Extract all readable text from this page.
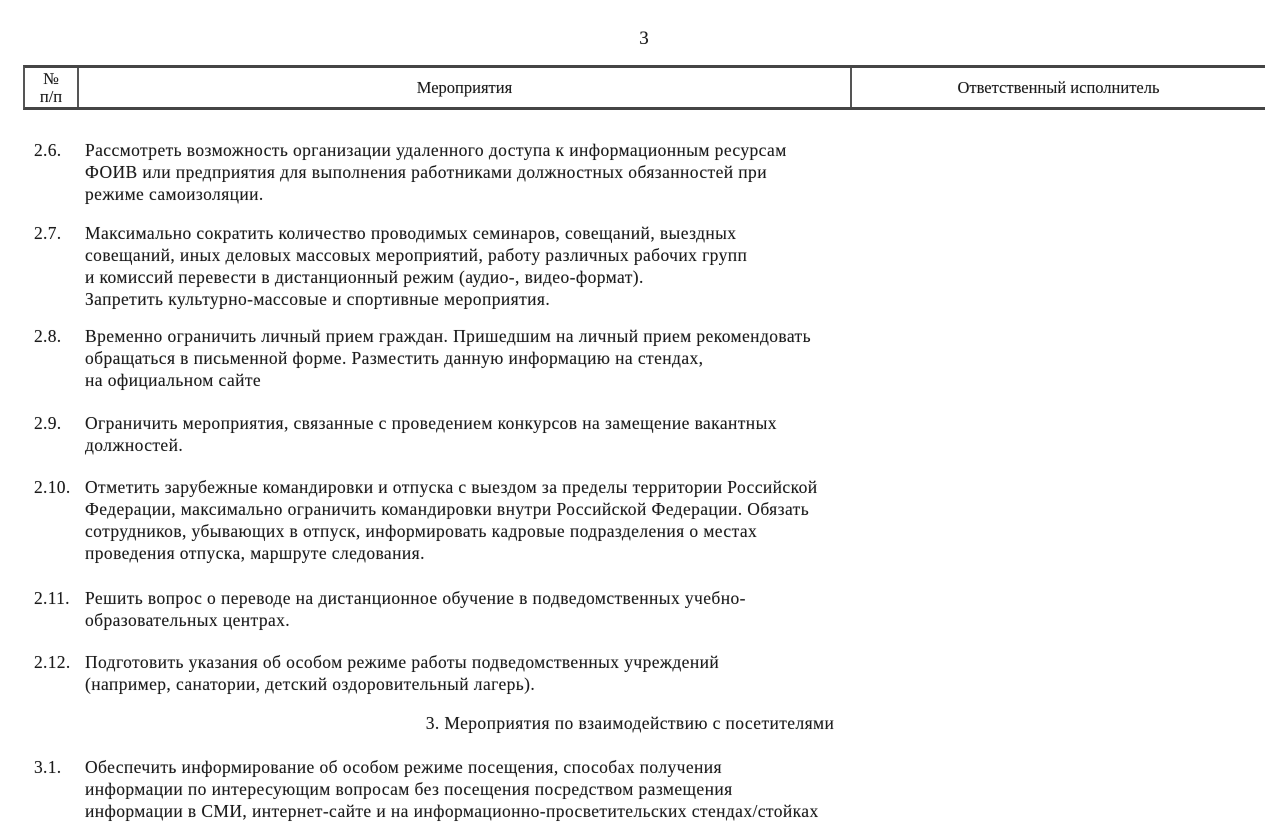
3
№
п/п	Мероприятия	Ответственный исполнитель
2.6. Рассмотреть возможность организации удаленного доступа к информационным ресурсам
ФОИВ или предприятия для выполнения работниками должностных обязанностей при
режиме самоизоляции.
2.7. Максимально сократить количество проводимых семинаров, совещаний, выездных
совещаний, иных деловых массовых мероприятий, работу различных рабочих групп
и комиссий перевести в дистанционный режим (аудио-, видео-формат).
Запретить культурно-массовые и спортивные мероприятия.
2.8. Временно ограничить личный прием граждан. Пришедшим на личный прием рекомендовать
обращаться в письменной форме. Разместить данную информацию на стендах,
на официальном сайте
2.9. Ограничить мероприятия, связанные с проведением конкурсов на замещение вакантных
должностей.
2.10. Отметить зарубежные командировки и отпуска с выездом за пределы территории Российской
Федерации, максимально ограничить командировки внутри Российской Федерации. Обязать
сотрудников, убывающих в отпуск, информировать кадровые подразделения о местах
проведения отпуска, маршруте следования.
2.11. Решить вопрос о переводе на дистанционное обучение в подведомственных учебно-
образовательных центрах.
2.12. Подготовить указания об особом режиме работы подведомственных учреждений
(например, санатории, детский оздоровительный лагерь).
3. Мероприятия по взаимодействию с посетителями
3.1. Обеспечить информирование об особом режиме посещения, способах получения
информации по интересующим вопросам без посещения посредством размещения
информации в СМИ, интернет-сайте и на информационно-просветительских стендах/стойках
